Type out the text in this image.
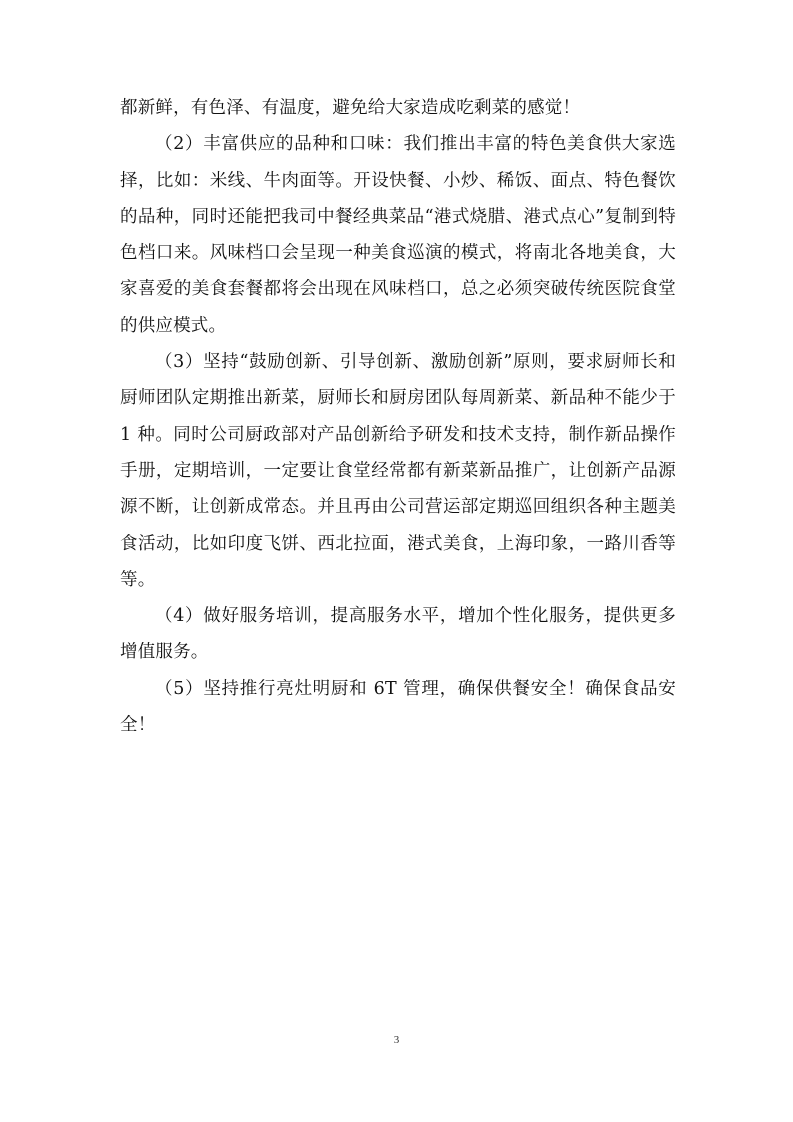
都新鲜，有色泽、有温度，避免给大家造成吃剩菜的感觉！

（2）丰富供应的品种和口味：我们推出丰富的特色美食供大家选择，比如：米线、牛肉面等。开设快餐、小炒、稀饭、面点、特色餐饮的品种，同时还能把我司中餐经典菜品“港式烧腊、港式点心”复制到特色档口来。风味档口会呈现一种美食巡演的模式，将南北各地美食，大家喜爱的美食套餐都将会出现在风味档口，总之必须突破传统医院食堂的供应模式。

（3）坚持“鼓励创新、引导创新、激励创新”原则，要求厨师长和厨师团队定期推出新菜，厨师长和厨房团队每周新菜、新品种不能少于 1 种。同时公司厨政部对产品创新给予研发和技术支持，制作新品操作手册，定期培训，一定要让食堂经常都有新菜新品推广，让创新产品源源不断，让创新成常态。并且再由公司营运部定期巡回组织各种主题美食活动，比如印度飞饼、西北拉面，港式美食，上海印象，一路川香等等。

（4）做好服务培训，提高服务水平，增加个性化服务，提供更多增值服务。

（5）坚持推行亮灶明厨和 6T 管理，确保供餐安全！确保食品安全！

3
